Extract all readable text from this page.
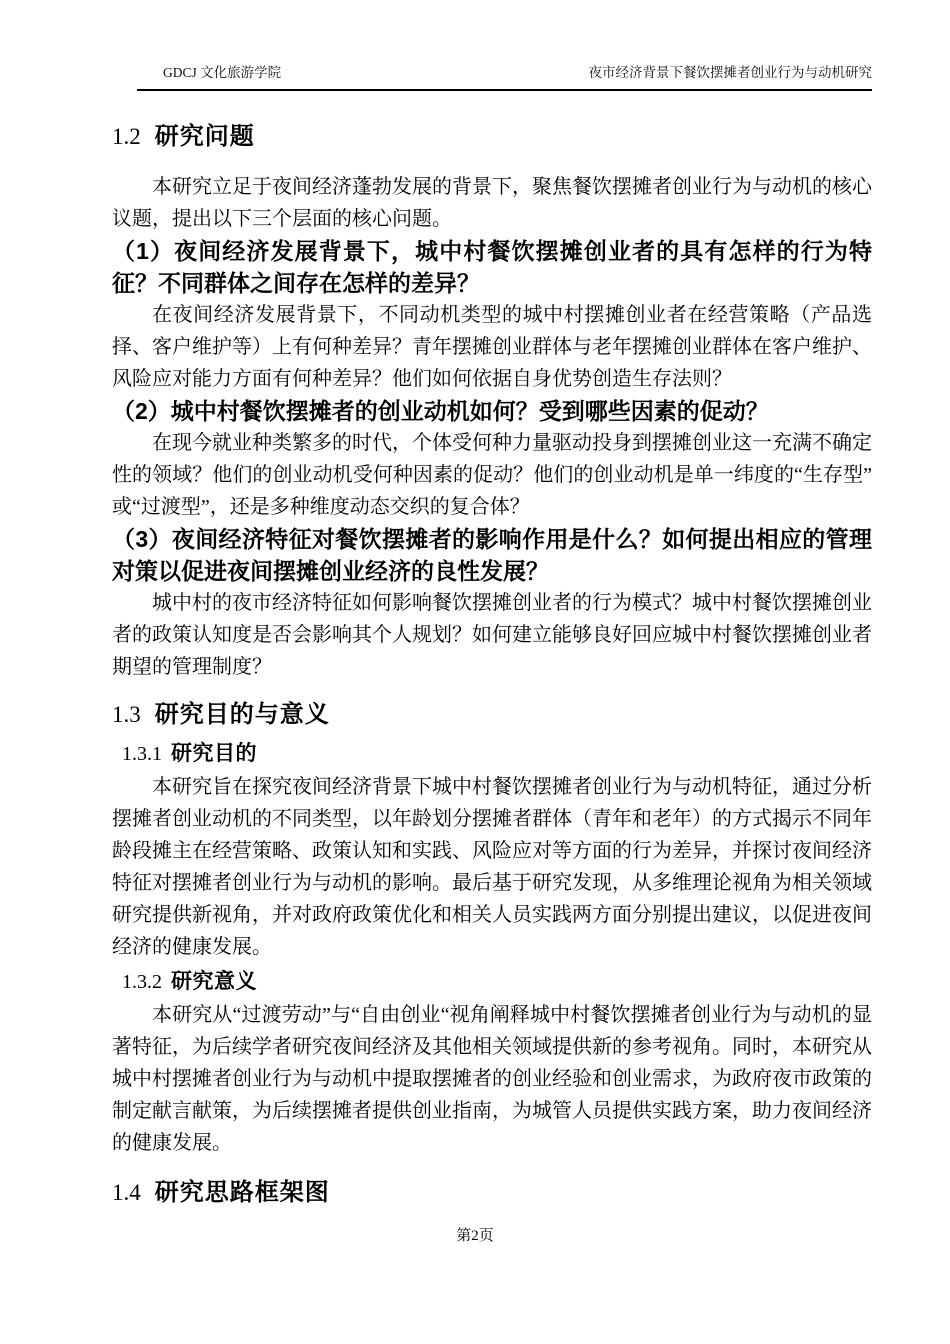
GDCJ 文化旅游学院	夜市经济背景下餐饮摆摊者创业行为与动机研究
1.2 研究问题

本研究立足于夜间经济蓬勃发展的背景下，聚焦餐饮摆摊者创业行为与动机的核心议题，提出以下三个层面的核心问题。

（1）夜间经济发展背景下，城中村餐饮摆摊创业者的具有怎样的行为特征？不同群体之间存在怎样的差异？

在夜间经济发展背景下，不同动机类型的城中村摆摊创业者在经营策略（产品选择、客户维护等）上有何种差异？青年摆摊创业群体与老年摆摊创业群体在客户维护、风险应对能力方面有何种差异？他们如何依据自身优势创造生存法则？

（2）城中村餐饮摆摊者的创业动机如何？受到哪些因素的促动？

在现今就业种类繁多的时代，个体受何种力量驱动投身到摆摊创业这一充满不确定性的领域？他们的创业动机受何种因素的促动？他们的创业动机是单一纬度的“生存型”或“过渡型”，还是多种维度动态交织的复合体？

（3）夜间经济特征对餐饮摆摊者的影响作用是什么？如何提出相应的管理对策以促进夜间摆摊创业经济的良性发展？

城中村的夜市经济特征如何影响餐饮摆摊创业者的行为模式？城中村餐饮摆摊创业者的政策认知度是否会影响其个人规划？如何建立能够良好回应城中村餐饮摆摊创业者期望的管理制度？

1.3 研究目的与意义
1.3.1 研究目的

本研究旨在探究夜间经济背景下城中村餐饮摆摊者创业行为与动机特征，通过分析摆摊者创业动机的不同类型，以年龄划分摆摊者群体（青年和老年）的方式揭示不同年龄段摊主在经营策略、政策认知和实践、风险应对等方面的行为差异，并探讨夜间经济特征对摆摊者创业行为与动机的影响。最后基于研究发现，从多维理论视角为相关领域研究提供新视角，并对政府政策优化和相关人员实践两方面分别提出建议，以促进夜间经济的健康发展。

1.3.2 研究意义

本研究从“过渡劳动”与“自由创业“视角阐释城中村餐饮摆摊者创业行为与动机的显著特征，为后续学者研究夜间经济及其他相关领域提供新的参考视角。同时，本研究从城中村摆摊者创业行为与动机中提取摆摊者的创业经验和创业需求，为政府夜市政策的制定献言献策，为后续摆摊者提供创业指南，为城管人员提供实践方案，助力夜间经济的健康发展。

1.4 研究思路框架图
第2页
